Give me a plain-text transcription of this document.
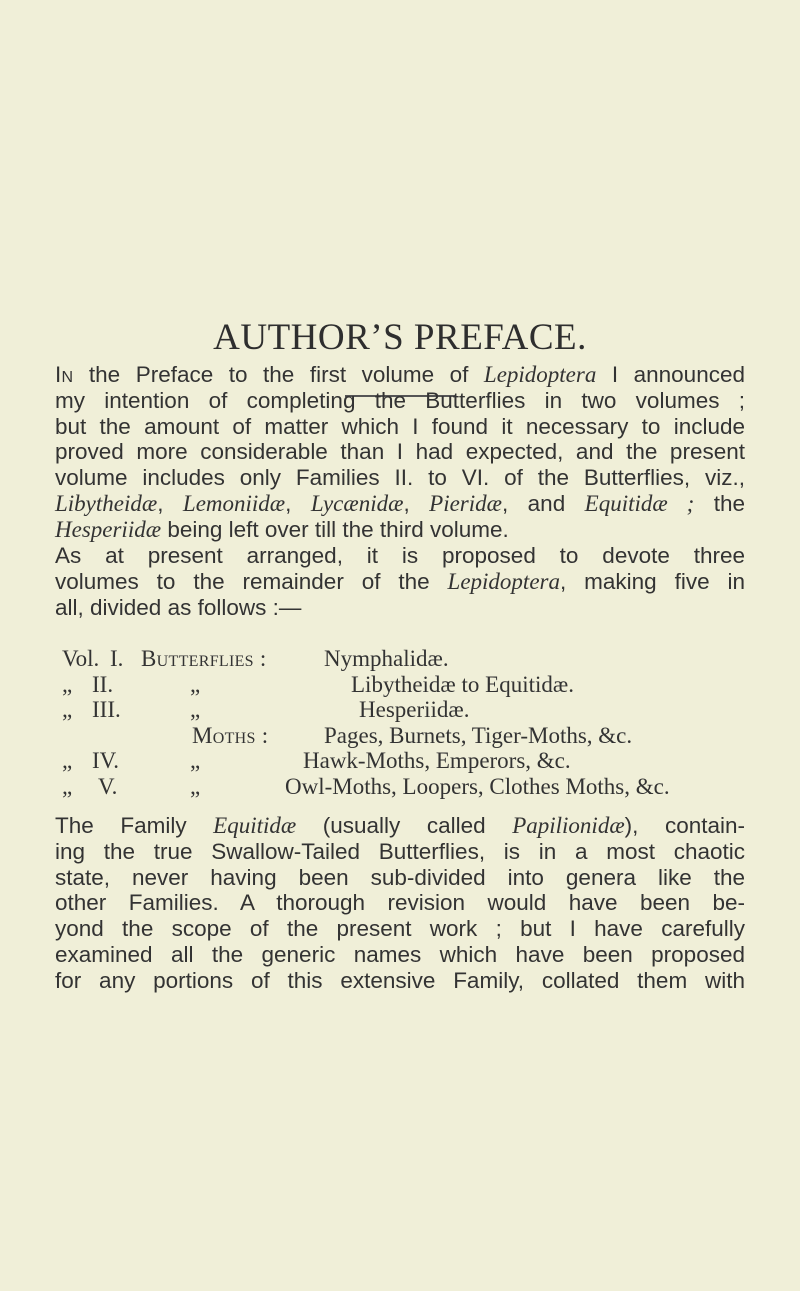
AUTHOR’S PREFACE.
In the Preface to the first volume of Lepidoptera I announced
my intention of completing the Butterflies in two volumes ;
but the amount of matter which I found it necessary to include
proved more considerable than I had expected, and the present
volume includes only Families II. to VI. of the Butterflies, viz.,
Libytheidæ, Lemoniidæ, Lycænidæ, Pieridæ, and Equitidæ ; the
Hesperiidæ being left over till the third volume.
As at present arranged, it is proposed to devote three
volumes to the remainder of the Lepidoptera, making five in
all, divided as follows :—
Vol. I. Butterflies : Nymphalidæ.
„ II.	„	Libytheidæ to Equitidæ.
„ III.	„	Hesperiidæ.
Moths : Pages, Burnets, Tiger-Moths, &c.
„ IV.	„	Hawk-Moths, Emperors, &c.
„ V.	„	Owl-Moths, Loopers, Clothes Moths, &c.
The Family Equitidæ (usually called Papilionidæ), contain-
ing the true Swallow-Tailed Butterflies, is in a most chaotic
state, never having been sub-divided into genera like the
other Families. A thorough revision would have been be-
yond the scope of the present work ; but I have carefully
examined all the generic names which have been proposed
for any portions of this extensive Family, collated them with
